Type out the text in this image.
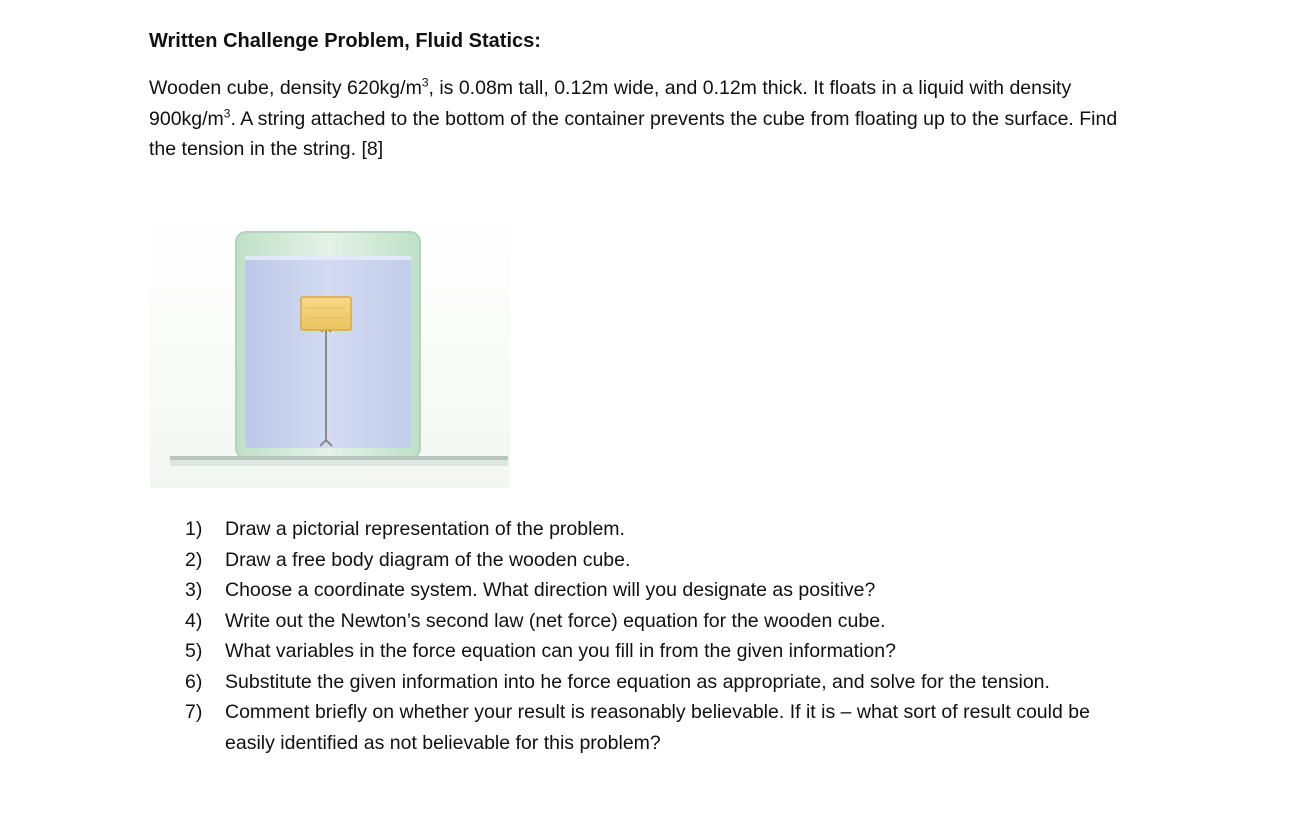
Written Challenge Problem, Fluid Statics:
Wooden cube, density $620kg/m^3$, is 0.08m tall, 0.12m wide, and 0.12m thick. It floats in a liquid with density $900kg/m^3$. A string attached to the bottom of the container prevents the cube from floating up to the surface. Find the tension in the string. [8]
1)	Draw a pictorial representation of the problem.
2)	Draw a free body diagram of the wooden cube.
3)	Choose a coordinate system. What direction will you designate as positive?
4)	Write out the Newton’s second law (net force) equation for the wooden cube.
5)	What variables in the force equation can you fill in from the given information?
6)	Substitute the given information into he force equation as appropriate, and solve for the tension.
7)	Comment briefly on whether your result is reasonably believable. If it is – what sort of result could be easily identified as not believable for this problem?
